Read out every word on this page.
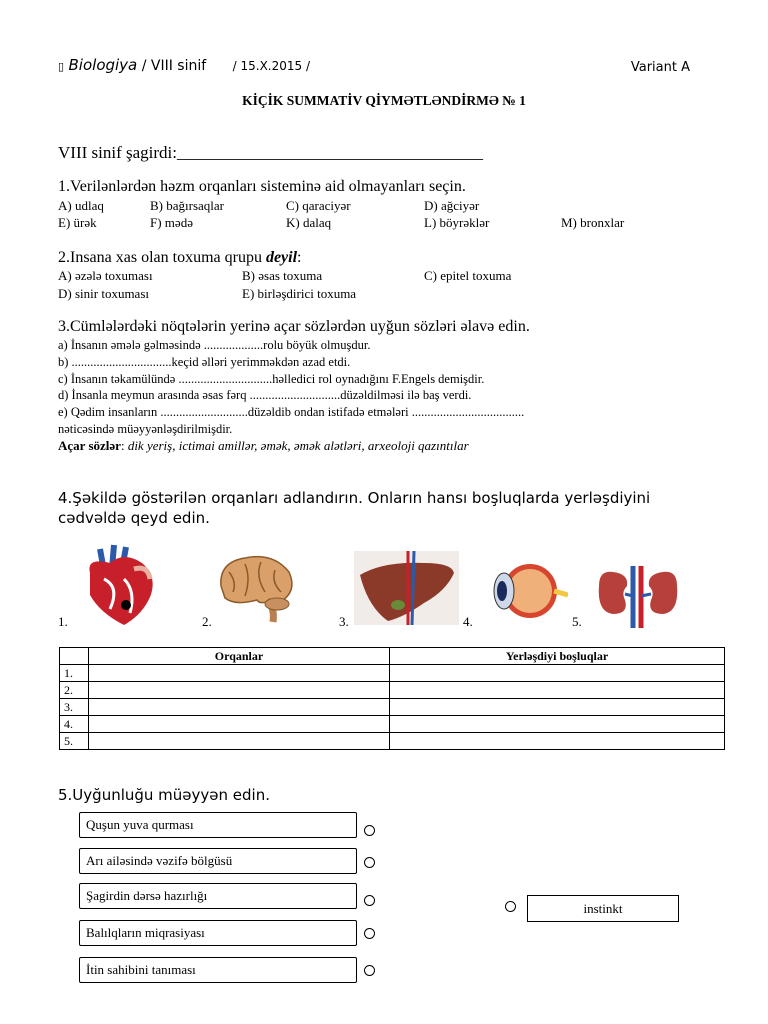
▯ Biologiya / VIII sinif / 15.X.2015 /	Variant A
KİÇİK SUMMATİV QİYMƏTLƏNDİRMƏ № 1
VIII sinif şagirdi:____________________________________
1.Verilənlərdən həzm orqanları sisteminə aid olmayanları seçin.
A) udlaq	B) bağırsaqlar	C) qaraciyər	D) ağciyər
E) ürək	F) mədə	K) dalaq	L) böyrəklər	M) bronxlar
2.Insana xas olan toxuma qrupu deyil:
A) əzələ toxuması	B) əsas toxuma	C) epitel toxuma
D) sinir toxuması	E) birləşdirici toxuma
3.Cümlələrdəki nöqtələrin yerinə açar sözlərdən uyğun sözləri əlavə edin.
a) İnsanın əmələ gəlməsində ...................rolu böyük olmuşdur.
b) ................................keçid əlləri yerimməkdən azad etdi.
c) İnsanın təkamülündə ..............................həlledici rol oynadığını F.Engels demişdir.
d) İnsanla meymun arasında əsas fərq .............................düzəldilməsi ilə baş verdi.
e) Qədim insanların ............................düzəldib ondan istifadə etmələri ....................................
nəticəsində müəyyənləşdirilmişdir.
Açar sözlər: dik yeriş, ictimai amillər, əmək, əmək alətləri, arxeoloji qazıntılar
4.Şəkildə göstərilən orqanları adlandırın. Onların hansı boşluqlarda yerləşdiyini cədvəldə qeyd edin.
1.	2.	3.	4.	5.
	Orqanlar	Yerləşdiyi boşluqlar
1.		
2.		
3.		
4.		
5.		
5.Uyğunluğu müəyyən edin.
Quşun yuva qurması
Arı ailəsində vəzifə bölgüsü
Şagirdin dərsə hazırlığı
Balılqların miqrasiyası
İtin sahibini tanıması
instinkt
